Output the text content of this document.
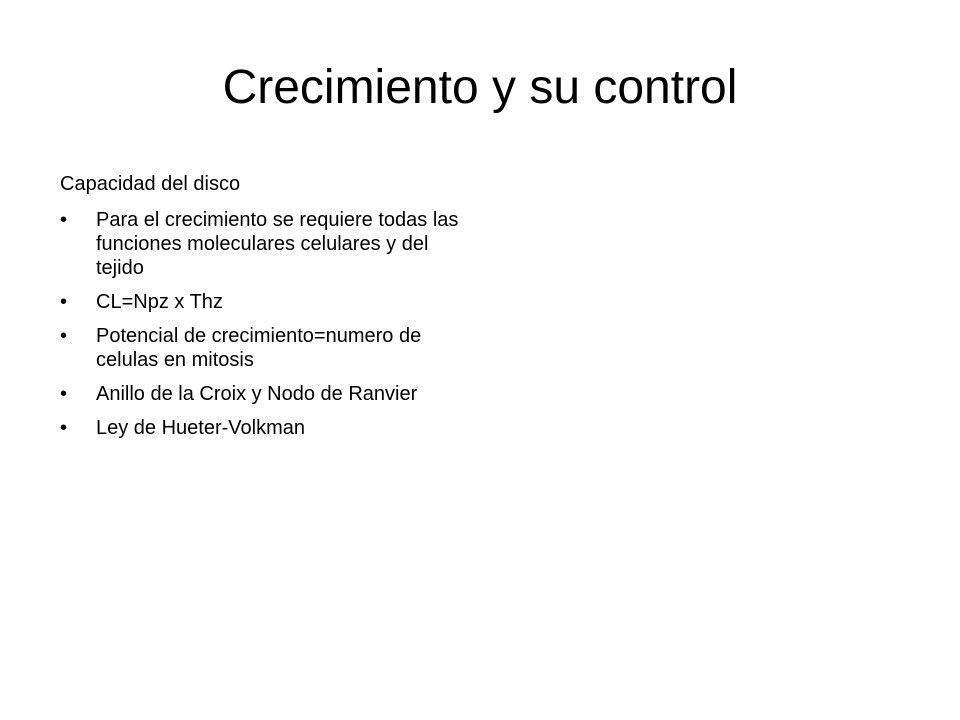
Crecimiento y su control

Capacidad del disco

• Para el crecimiento se requiere todas las funciones moleculares celulares y del tejido
• CL=Npz x Thz
• Potencial de crecimiento=numero de celulas en mitosis
• Anillo de la Croix y Nodo de Ranvier
• Ley de Hueter-Volkman
